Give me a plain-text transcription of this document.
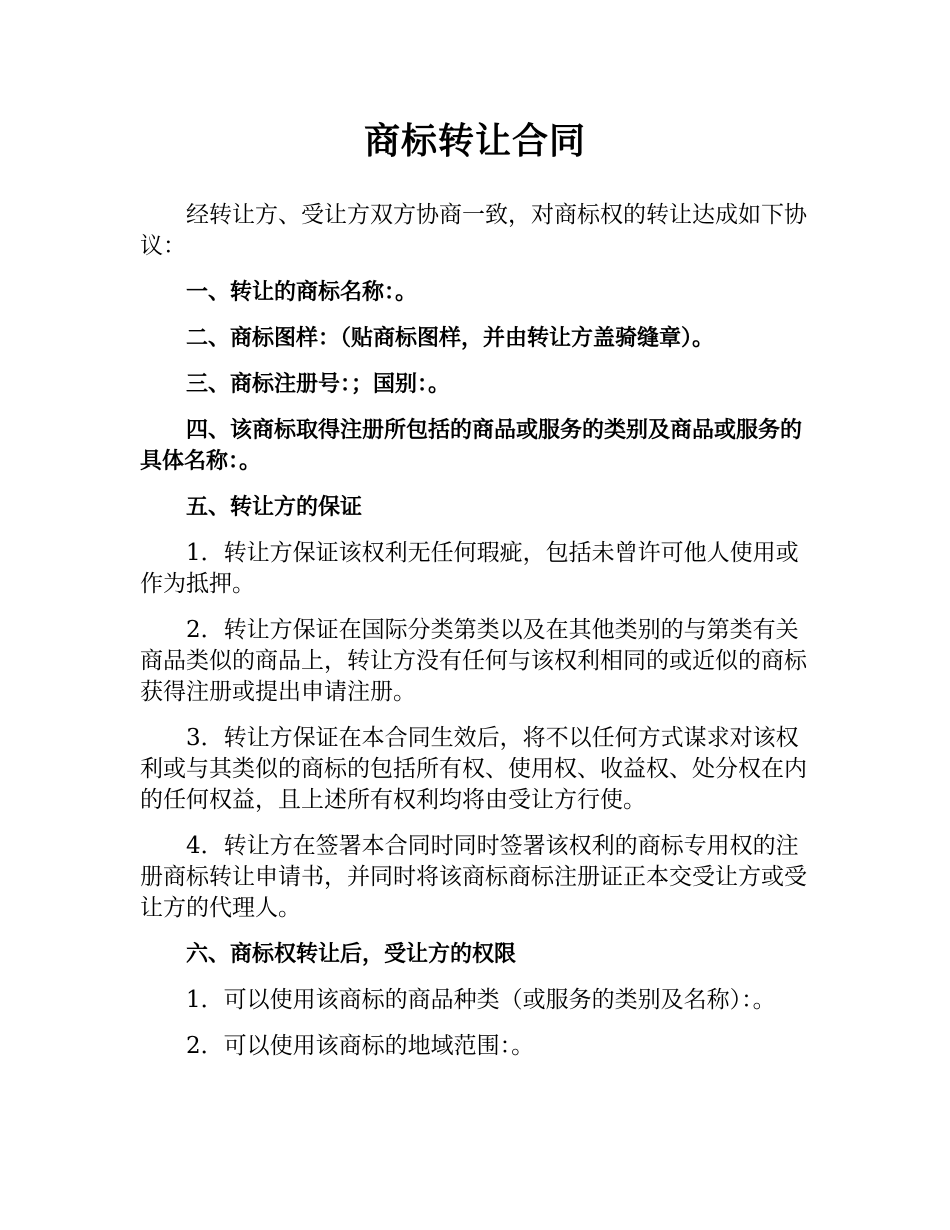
商标转让合同

经转让方、受让方双方协商一致，对商标权的转让达成如下协议：

一、转让的商标名称：。

二、商标图样：（贴商标图样，并由转让方盖骑缝章）。

三、商标注册号：；国别：。

四、该商标取得注册所包括的商品或服务的类别及商品或服务的具体名称：。

五、转让方的保证

1．转让方保证该权利无任何瑕疵，包括未曾许可他人使用或作为抵押。

2．转让方保证在国际分类第类以及在其他类别的与第类有关商品类似的商品上，转让方没有任何与该权利相同的或近似的商标获得注册或提出申请注册。

3．转让方保证在本合同生效后，将不以任何方式谋求对该权利或与其类似的商标的包括所有权、使用权、收益权、处分权在内的任何权益，且上述所有权利均将由受让方行使。

4．转让方在签署本合同时同时签署该权利的商标专用权的注册商标转让申请书，并同时将该商标商标注册证正本交受让方或受让方的代理人。

六、商标权转让后，受让方的权限

1．可以使用该商标的商品种类（或服务的类别及名称）：。

2．可以使用该商标的地域范围：。
